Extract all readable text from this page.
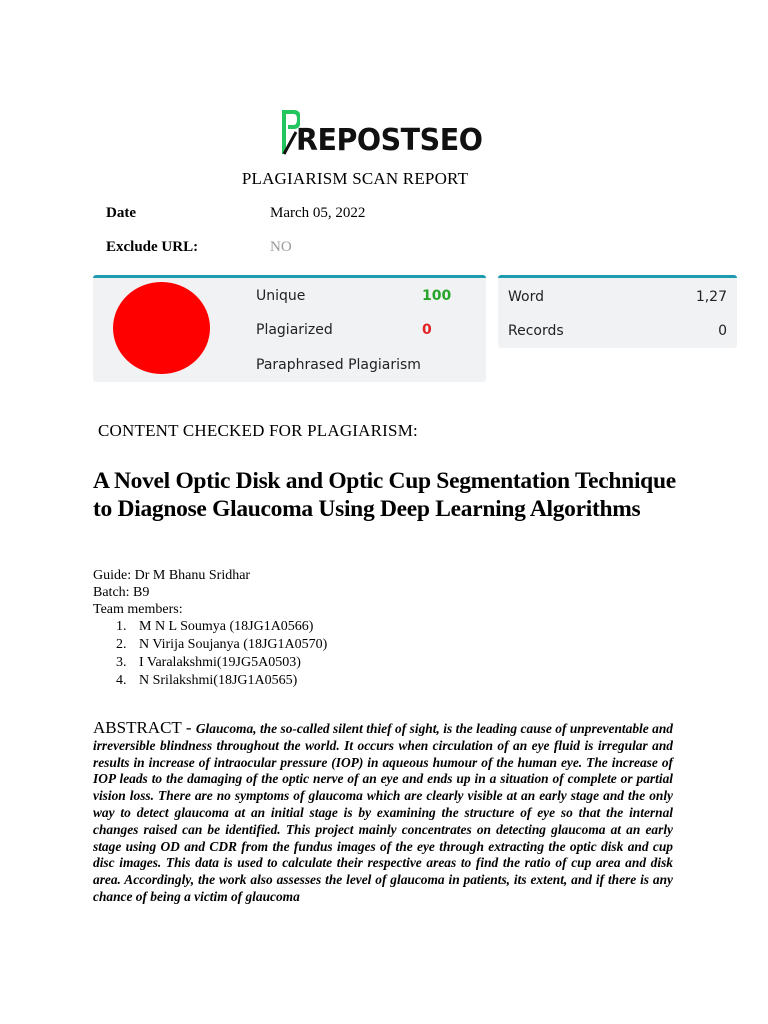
REPOSTSEO
PLAGIARISM SCAN REPORT
Date	March 05, 2022
Exclude URL:	NO
Unique	100
Plagiarized	0
Paraphrased Plagiarism
Word	1,27
Records	0
CONTENT CHECKED FOR PLAGIARISM:
A Novel Optic Disk and Optic Cup Segmentation Technique to Diagnose Glaucoma Using Deep Learning Algorithms
Guide: Dr M Bhanu Sridhar
Batch: B9
Team members:
1. M N L Soumya (18JG1A0566)
2. N Virija Soujanya (18JG1A0570)
3. I Varalakshmi(19JG5A0503)
4. N Srilakshmi(18JG1A0565)
ABSTRACT - Glaucoma, the so-called silent thief of sight, is the leading cause of unpreventable and irreversible blindness throughout the world. It occurs when circulation of an eye fluid is irregular and results in increase of intraocular pressure (IOP) in aqueous humour of the human eye. The increase of IOP leads to the damaging of the optic nerve of an eye and ends up in a situation of complete or partial vision loss. There are no symptoms of glaucoma which are clearly visible at an early stage and the only way to detect glaucoma at an initial stage is by examining the structure of eye so that the internal changes raised can be identified. This project mainly concentrates on detecting glaucoma at an early stage using OD and CDR from the fundus images of the eye through extracting the optic disk and cup disc images. This data is used to calculate their respective areas to find the ratio of cup area and disk area. Accordingly, the work also assesses the level of glaucoma in patients, its extent, and if there is any chance of being a victim of glaucoma
